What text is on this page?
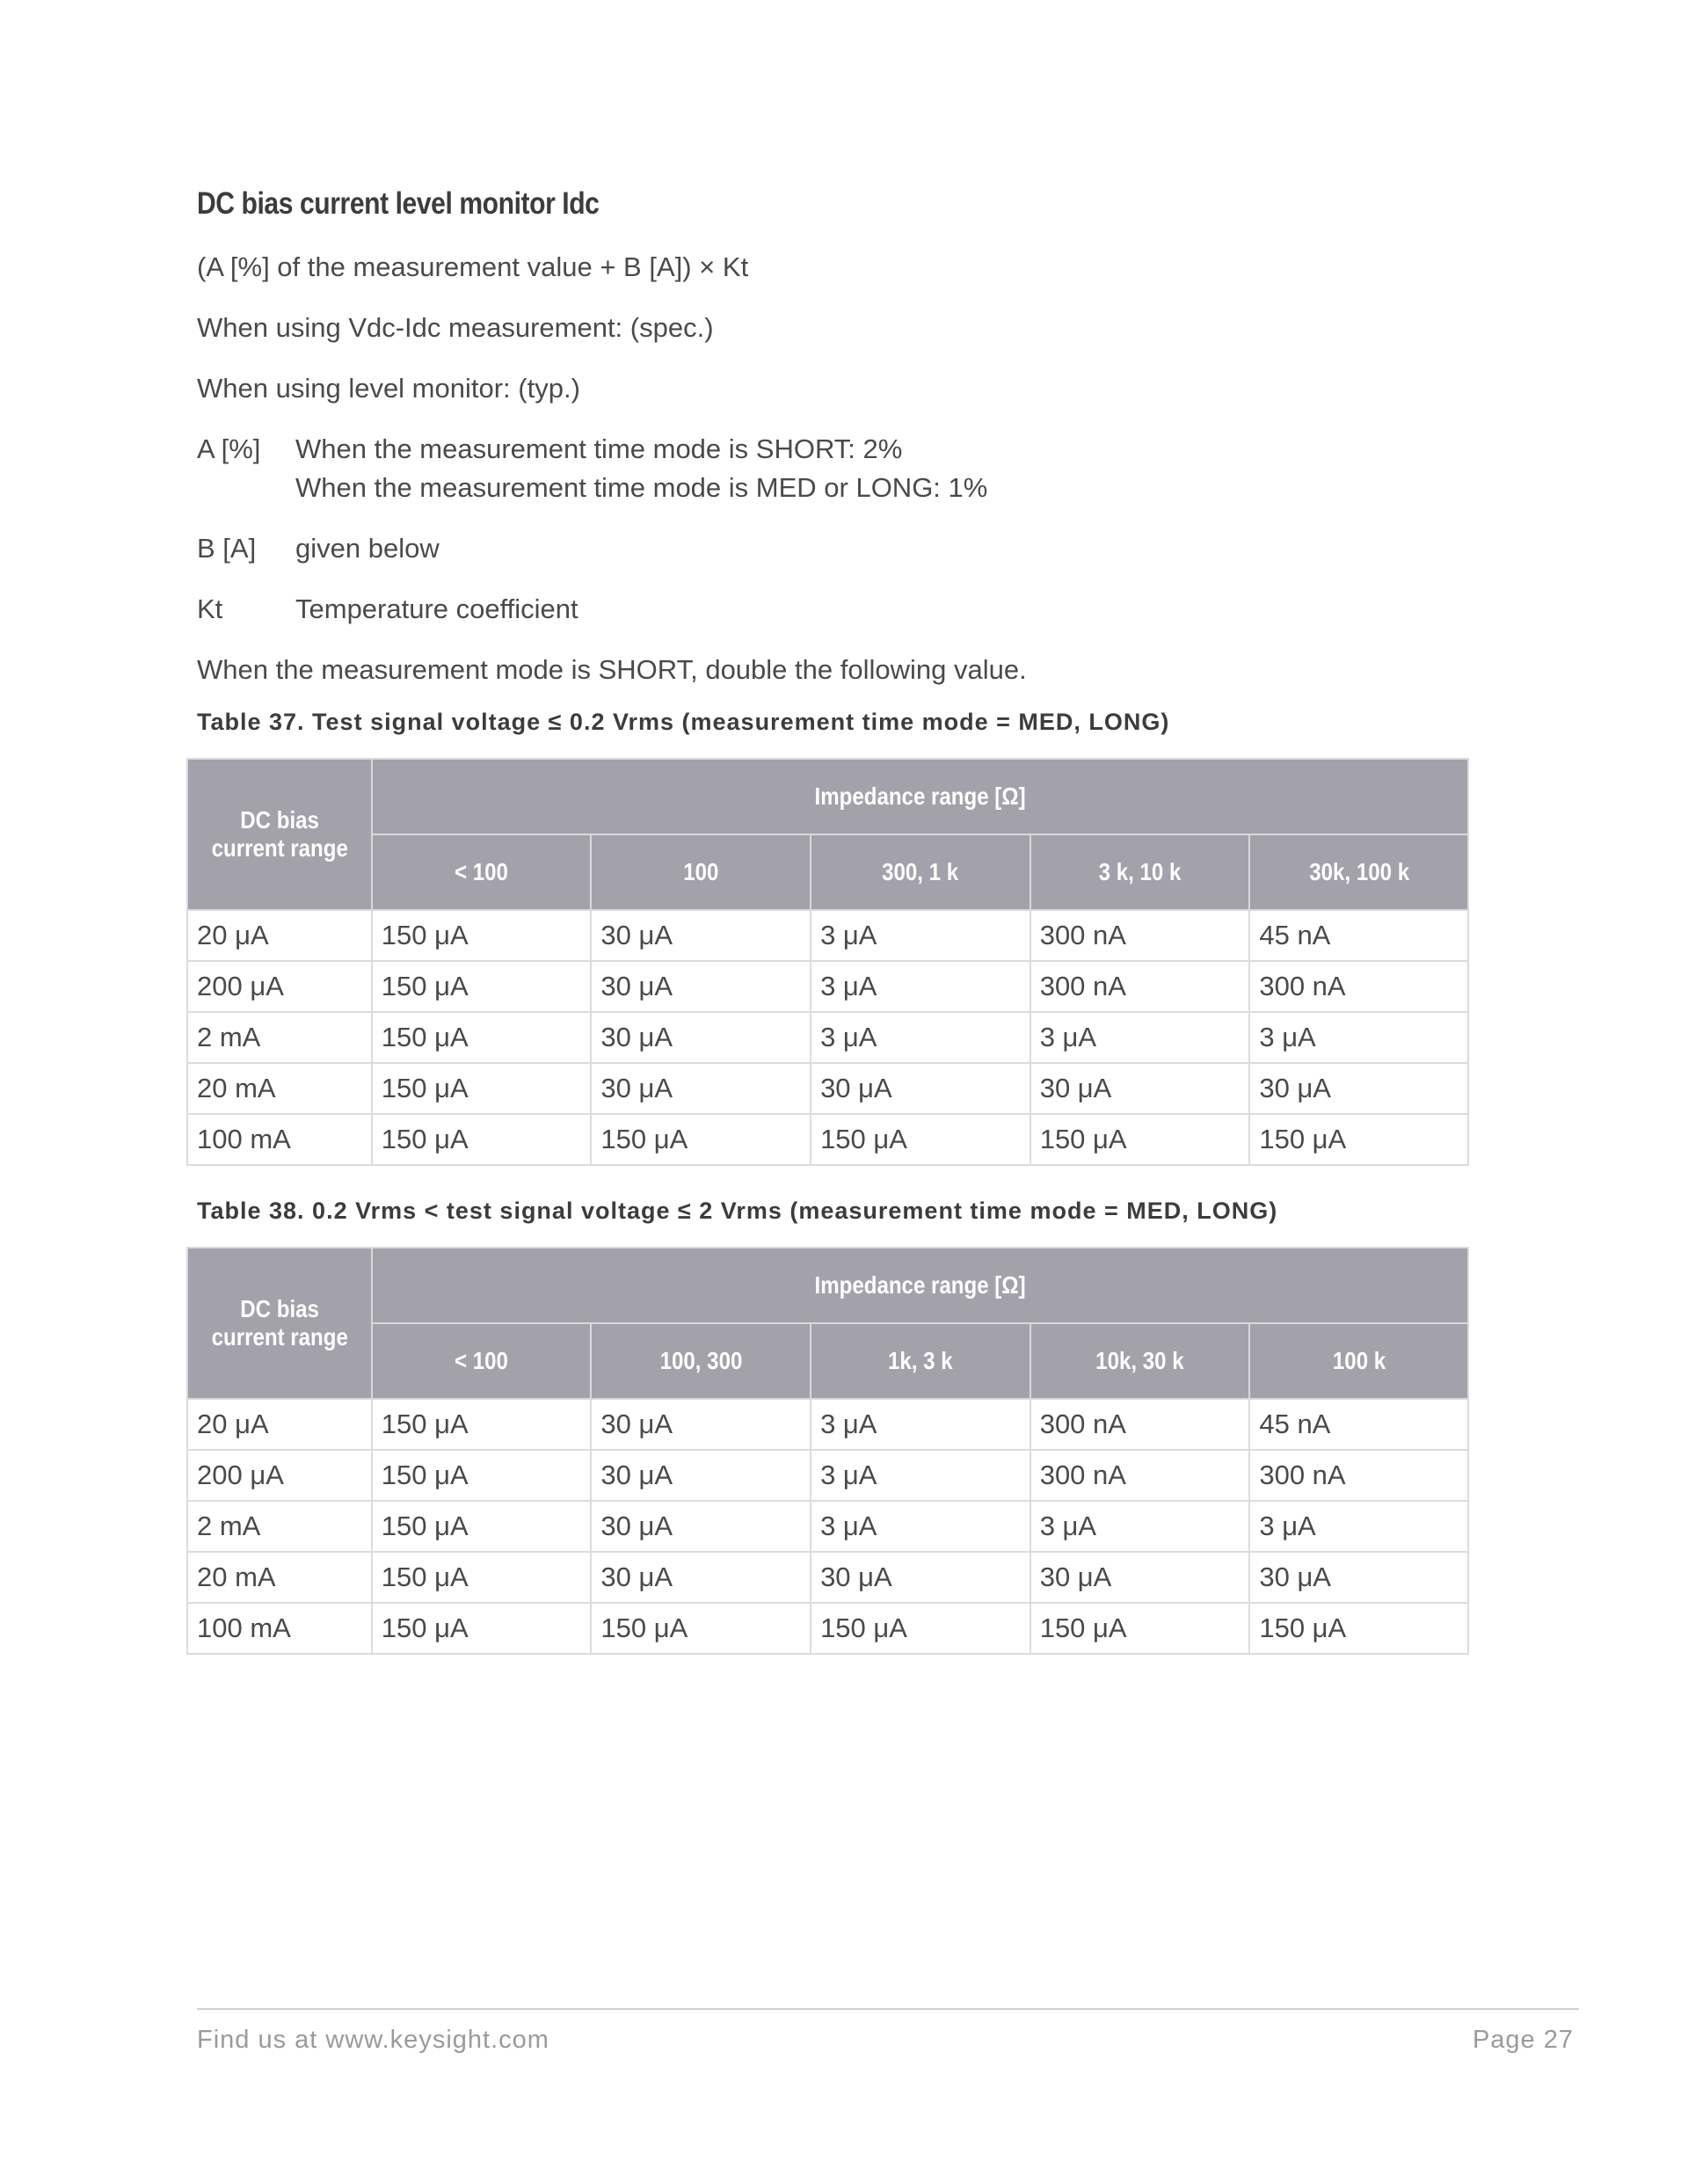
DC bias current level monitor Idc
(A [%] of the measurement value + B [A]) × Kt
When using Vdc-Idc measurement: (spec.)
When using level monitor: (typ.)
A [%] When the measurement time mode is SHORT: 2%
When the measurement time mode is MED or LONG: 1%
B [A] given below
Kt	Temperature coefficient
When the measurement mode is SHORT, double the following value.
Table 37. Test signal voltage ≤ 0.2 Vrms (measurement time mode = MED, LONG)
DC bias
current range	Impedance range [Ω]				
	< 100	100	300, 1 k	3 k, 10 k	30k, 100 k
20 μA	150 μA	30 μA	3 μA	300 nA	45 nA
200 μA	150 μA	30 μA	3 μA	300 nA	300 nA
2 mA	150 μA	30 μA	3 μA	3 μA	3 μA
20 mA	150 μA	30 μA	30 μA	30 μA	30 μA
100 mA	150 μA	150 μA	150 μA	150 μA	150 μA
Table 38. 0.2 Vrms < test signal voltage ≤ 2 Vrms (measurement time mode = MED, LONG)
DC bias
current range	Impedance range [Ω]				
	< 100	100, 300	1k, 3 k	10k, 30 k	100 k
20 μA	150 μA	30 μA	3 μA	300 nA	45 nA
200 μA	150 μA	30 μA	3 μA	300 nA	300 nA
2 mA	150 μA	30 μA	3 μA	3 μA	3 μA
20 mA	150 μA	30 μA	30 μA	30 μA	30 μA
100 mA	150 μA	150 μA	150 μA	150 μA	150 μA
Find us at www.keysight.com	Page 27
